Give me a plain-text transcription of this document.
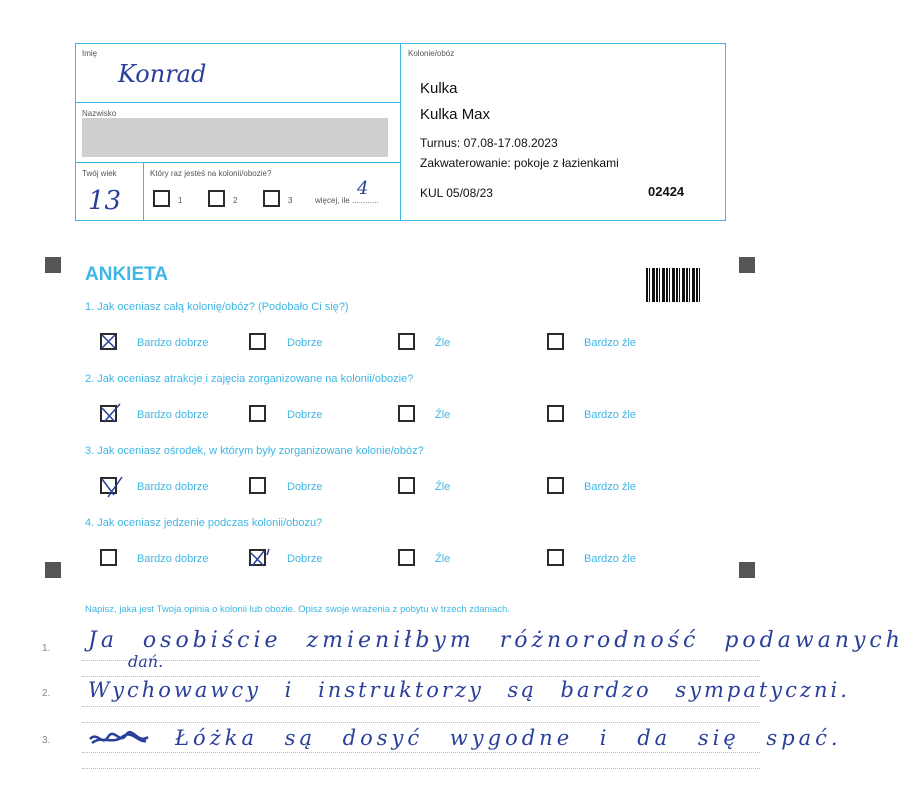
Imię
Konrad
Nazwisko
Twój wiek
13
Który raz jesteś na kolonii/obozie?
1	2	3	więcej, ile ............
4
Kolonie/obóz
Kulka
Kulka Max
Turnus: 07.08-17.08.2023
Zakwaterowanie: pokoje z łazienkami
KUL 05/08/23	02424
ANKIETA
1. Jak oceniasz całą kolonię/obóz? (Podobało Ci się?)
Bardzo dobrze	Dobrze	Źle	Bardzo źle
2. Jak oceniasz atrakcje i zajęcia zorganizowane na kolonii/obozie?
Bardzo dobrze	Dobrze	Źle	Bardzo źle
3. Jak oceniasz ośrodek, w którym były zorganizowane kolonie/obóz?
Bardzo dobrze	Dobrze	Źle	Bardzo źle
4. Jak oceniasz jedzenie podczas kolonii/obozu?
Bardzo dobrze	Dobrze	Źle	Bardzo źle
Napisz, jaka jest Twoja opinia o kolonii lub obozie. Opisz swoje wrażenia z pobytu w trzech zdaniach.
1.
2.
3.
Ja osobiście zmieniłbym różnorodność podawanych
dań.
Wychowawcy i instruktorzy są bardzo sympatyczni.
Łóżka są dosyć wygodne i da się spać.
